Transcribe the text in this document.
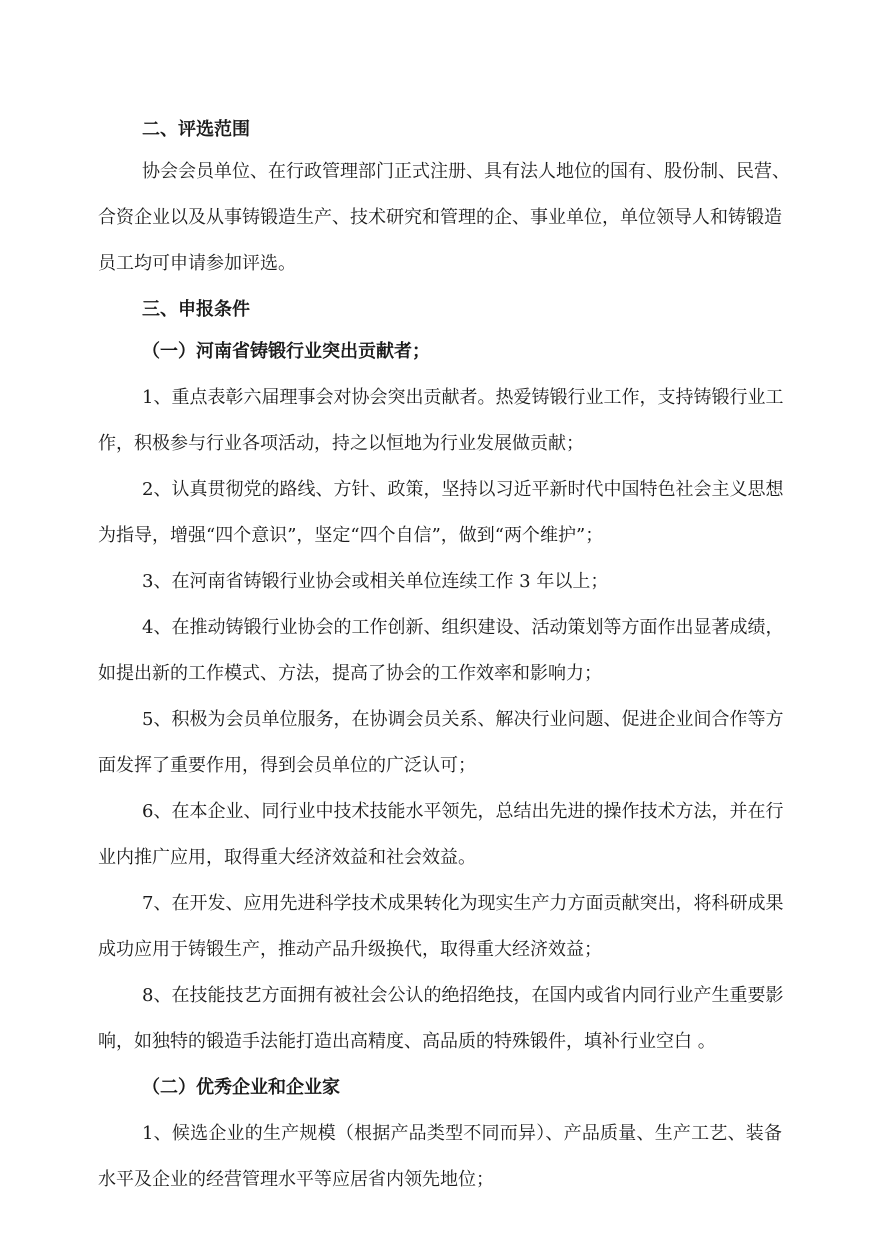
二、评选范围
协会会员单位、在行政管理部门正式注册、具有法人地位的国有、股份制、民营、
合资企业以及从事铸锻造生产、技术研究和管理的企、事业单位，单位领导人和铸锻造
员工均可申请参加评选。
三、申报条件
（一）河南省铸锻行业突出贡献者；
1、重点表彰六届理事会对协会突出贡献者。热爱铸锻行业工作，支持铸锻行业工
作，积极参与行业各项活动，持之以恒地为行业发展做贡献；
2、认真贯彻党的路线、方针、政策，坚持以习近平新时代中国特色社会主义思想
为指导，增强“四个意识”，坚定“四个自信”，做到“两个维护”；
3、在河南省铸锻行业协会或相关单位连续工作 3 年以上；
4、在推动铸锻行业协会的工作创新、组织建设、活动策划等方面作出显著成绩，
如提出新的工作模式、方法，提高了协会的工作效率和影响力；
5、积极为会员单位服务，在协调会员关系、解决行业问题、促进企业间合作等方
面发挥了重要作用，得到会员单位的广泛认可；
6、在本企业、同行业中技术技能水平领先，总结出先进的操作技术方法，并在行
业内推广应用，取得重大经济效益和社会效益。
7、在开发、应用先进科学技术成果转化为现实生产力方面贡献突出，将科研成果
成功应用于铸锻生产，推动产品升级换代，取得重大经济效益；
8、在技能技艺方面拥有被社会公认的绝招绝技，在国内或省内同行业产生重要影
响，如独特的锻造手法能打造出高精度、高品质的特殊锻件，填补行业空白 。
（二）优秀企业和企业家
1、候选企业的生产规模（根据产品类型不同而异）、产品质量、生产工艺、装备
水平及企业的经营管理水平等应居省内领先地位；
